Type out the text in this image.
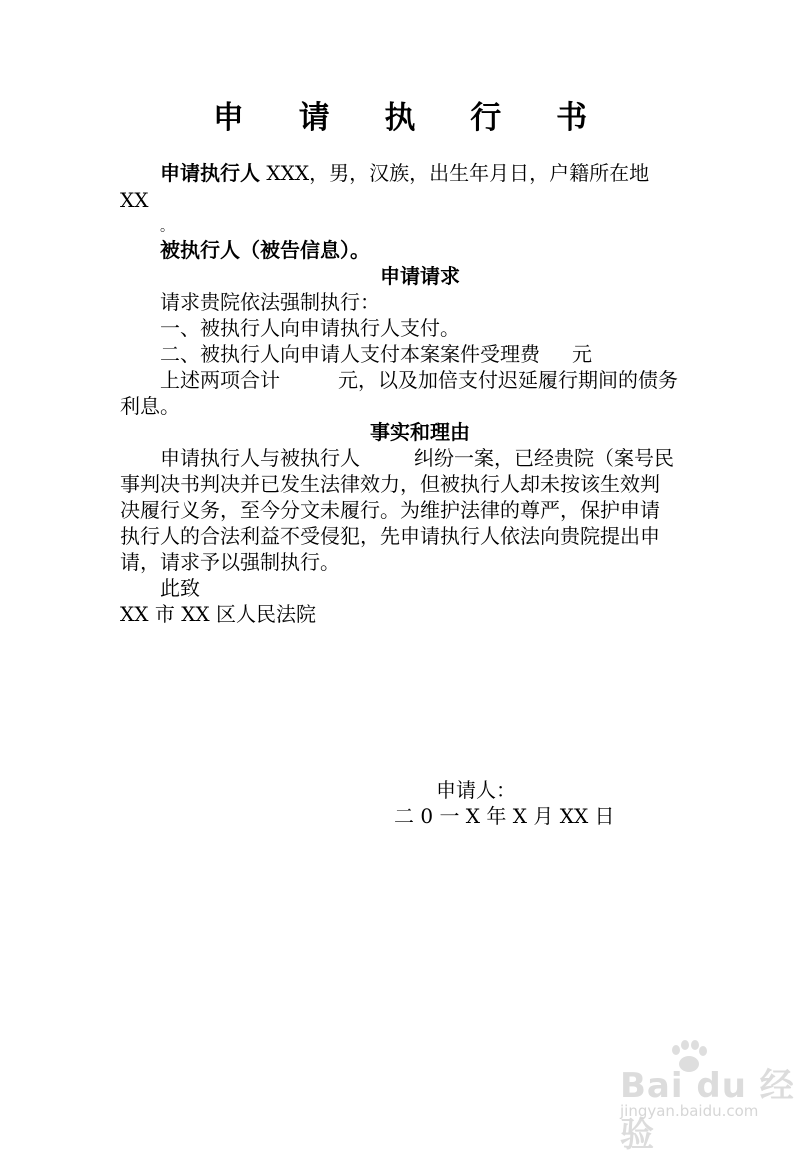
申 请 执 行 书
申请执行人 XXX，男，汉族，出生年月日，户籍所在地
XX
。
被执行人（被告信息）。
申请请求
请求贵院依法强制执行：
一、被执行人向申请执行人支付。
二、被执行人向申请人支付本案案件受理费 元
上述两项合计	元，以及加倍支付迟延履行期间的债务
利息。
事实和理由
申请执行人与被执行人	纠纷一案，已经贵院（案号民
事判决书判决并已发生法律效力，但被执行人却未按该生效判
决履行义务，至今分文未履行。为维护法律的尊严，保护申请
执行人的合法利益不受侵犯，先申请执行人依法向贵院提出申
请，请求予以强制执行。
此致
XX 市 XX 区人民法院
申请人：
二 0 一 X 年 X 月 XX 日
Bai du 经验
jingyan.baidu.com
